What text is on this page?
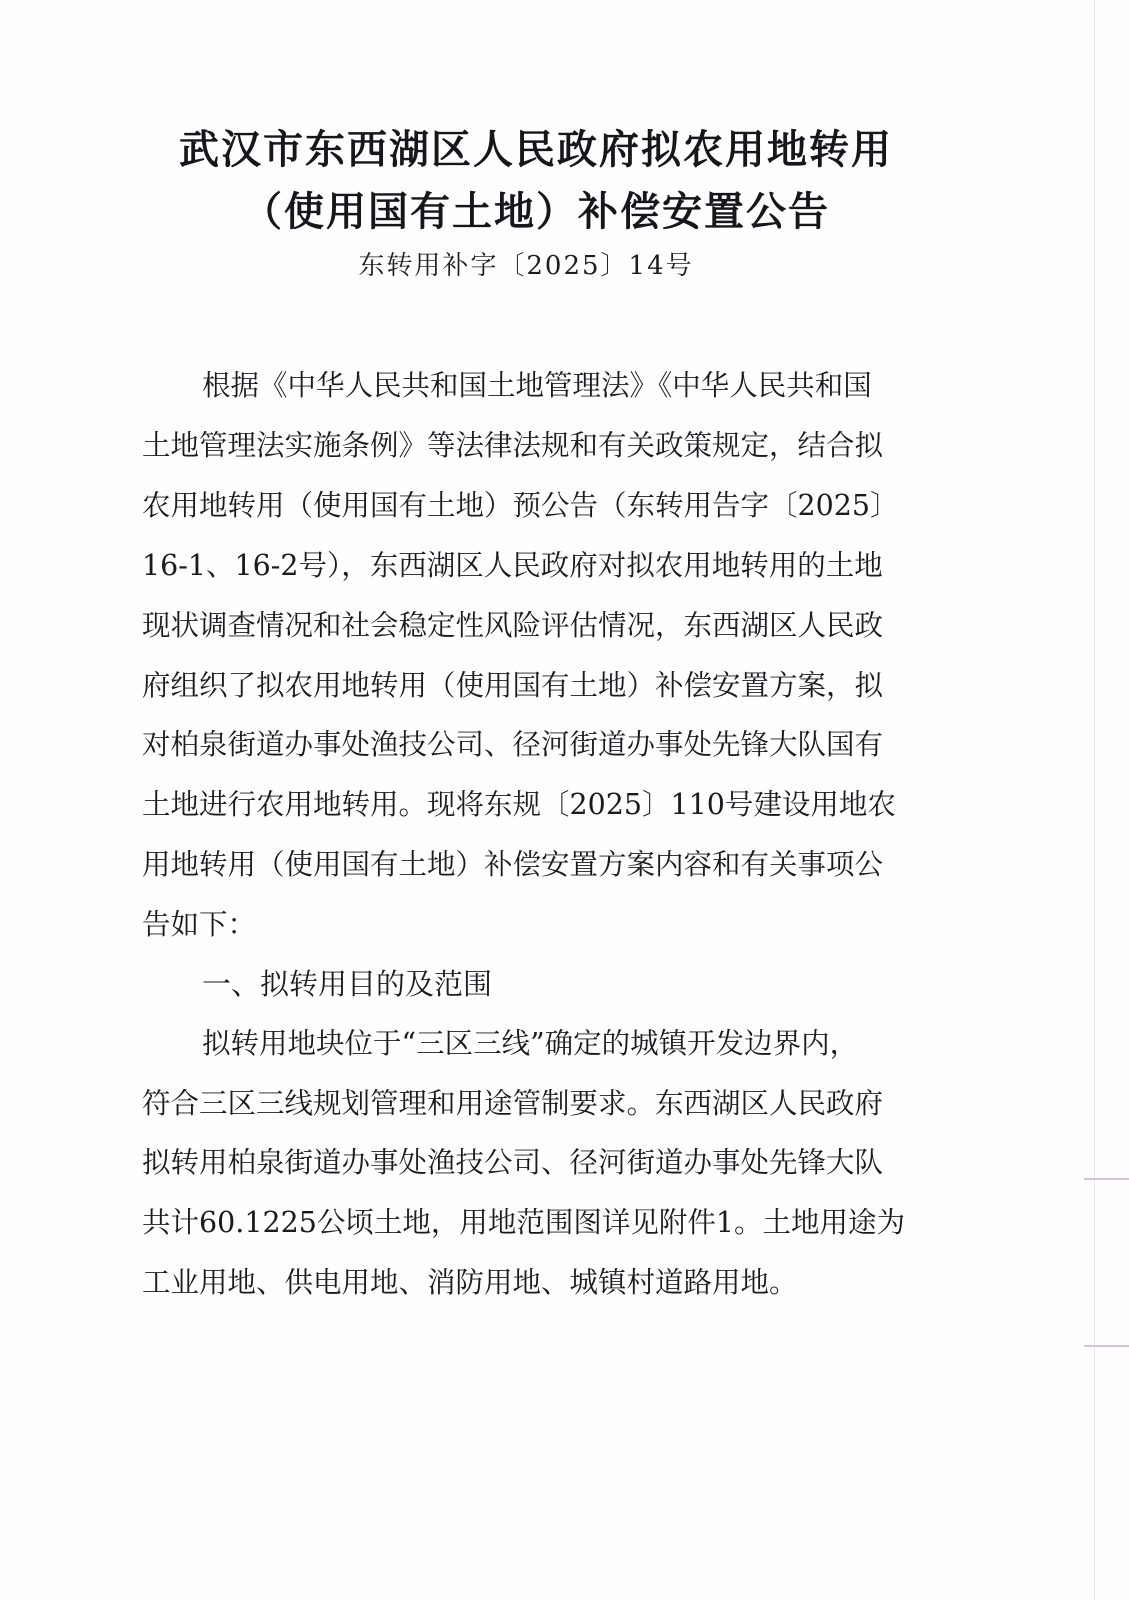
武汉市东西湖区人民政府拟农用地转用
（使用国有土地）补偿安置公告
东转用补字〔2025〕14号
根据《中华人民共和国土地管理法》《中华人民共和国
土地管理法实施条例》等法律法规和有关政策规定，结合拟
农用地转用（使用国有土地）预公告（东转用告字〔2025〕
16-1、16-2号），东西湖区人民政府对拟农用地转用的土地
现状调查情况和社会稳定性风险评估情况，东西湖区人民政
府组织了拟农用地转用（使用国有土地）补偿安置方案，拟
对柏泉街道办事处渔技公司、径河街道办事处先锋大队国有
土地进行农用地转用。现将东规〔2025〕110号建设用地农
用地转用（使用国有土地）补偿安置方案内容和有关事项公
告如下：
一、拟转用目的及范围
拟转用地块位于“三区三线”确定的城镇开发边界内，
符合三区三线规划管理和用途管制要求。东西湖区人民政府
拟转用柏泉街道办事处渔技公司、径河街道办事处先锋大队
共计60.1225公顷土地，用地范围图详见附件1。土地用途为
工业用地、供电用地、消防用地、城镇村道路用地。
